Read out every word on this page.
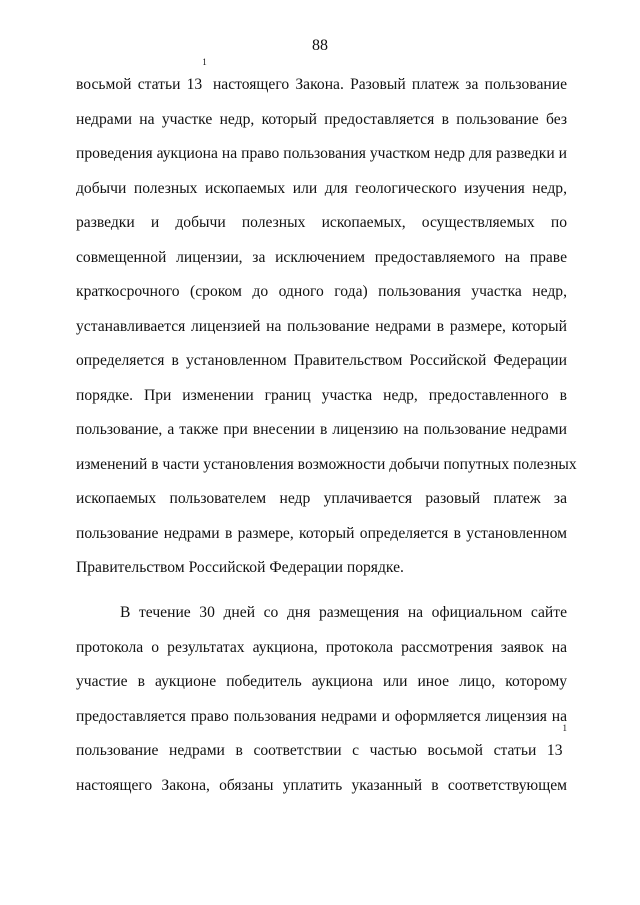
88
восьмой статьи $13^1$ настоящего Закона. Разовый платеж за пользование
недрами на участке недр, который предоставляется в пользование без
проведения аукциона на право пользования участком недр для разведки и
добычи полезных ископаемых или для геологического изучения недр,
разведки и добычи полезных ископаемых, осуществляемых по
совмещенной лицензии, за исключением предоставляемого на праве
краткосрочного (сроком до одного года) пользования участка недр,
устанавливается лицензией на пользование недрами в размере, который
определяется в установленном Правительством Российской Федерации
порядке. При изменении границ участка недр, предоставленного в
пользование, а также при внесении в лицензию на пользование недрами
изменений в части установления возможности добычи попутных полезных
ископаемых пользователем недр уплачивается разовый платеж за
пользование недрами в размере, который определяется в установленном
Правительством Российской Федерации порядке.
В течение 30 дней со дня размещения на официальном сайте
протокола о результатах аукциона, протокола рассмотрения заявок на
участие в аукционе победитель аукциона или иное лицо, которому
предоставляется право пользования недрами и оформляется лицензия на
пользование недрами в соответствии с частью восьмой статьи $13^1$
настоящего Закона, обязаны уплатить указанный в соответствующем
